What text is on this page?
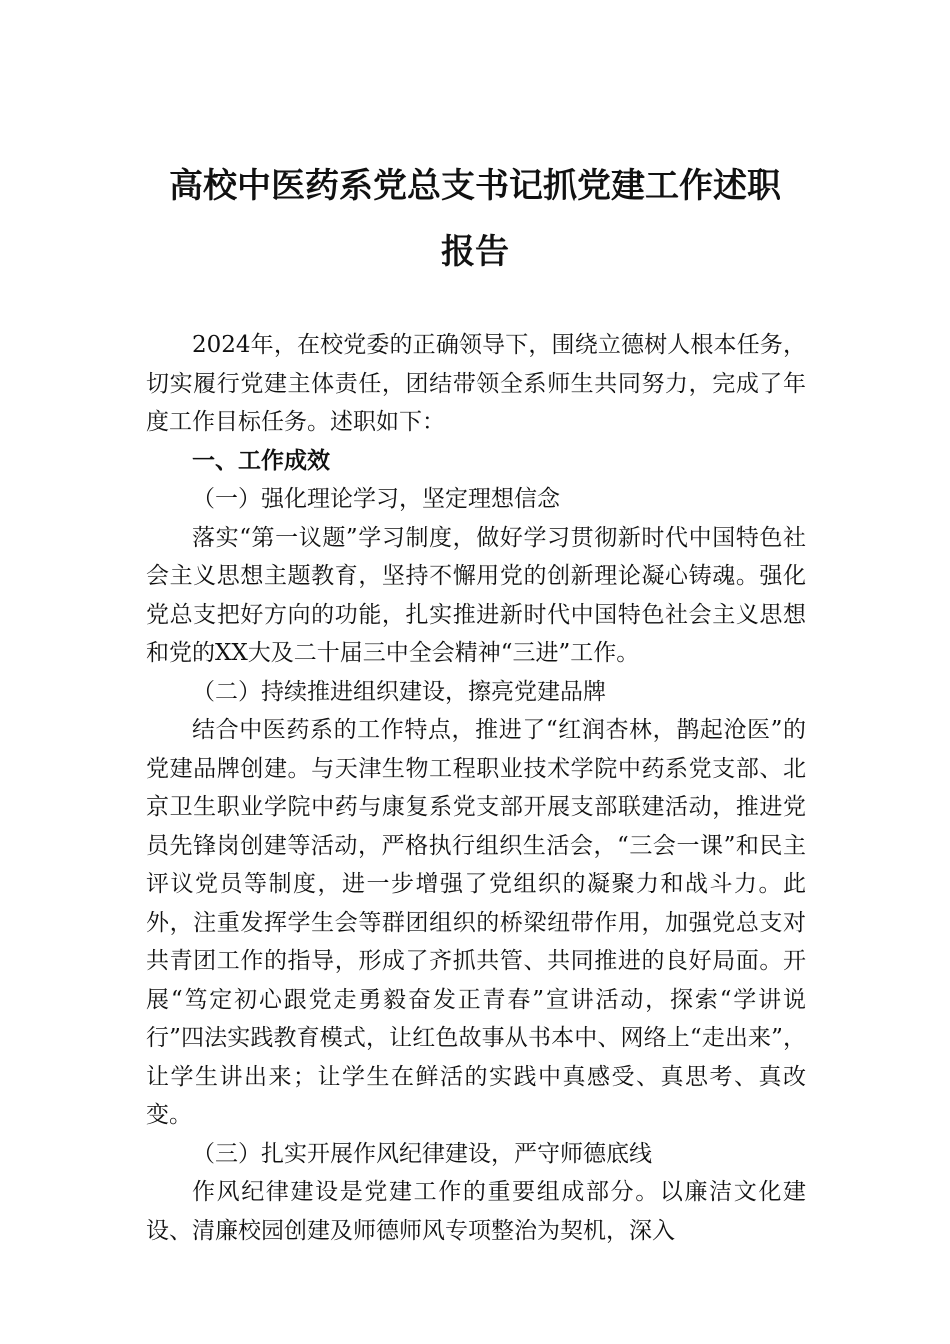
高校中医药系党总支书记抓党建工作述职
报告

2024年，在校党委的正确领导下，围绕立德树人根本任务，切实履行党建主体责任，团结带领全系师生共同努力，完成了年度工作目标任务。述职如下：

一、工作成效

（一）强化理论学习，坚定理想信念

落实“第一议题”学习制度，做好学习贯彻新时代中国特色社会主义思想主题教育，坚持不懈用党的创新理论凝心铸魂。强化党总支把好方向的功能，扎实推进新时代中国特色社会主义思想和党的XX大及二十届三中全会精神“三进”工作。

（二）持续推进组织建设，擦亮党建品牌

结合中医药系的工作特点，推进了“红润杏林，鹊起沧医”的党建品牌创建。与天津生物工程职业技术学院中药系党支部、北京卫生职业学院中药与康复系党支部开展支部联建活动，推进党员先锋岗创建等活动，严格执行组织生活会，“三会一课”和民主评议党员等制度，进一步增强了党组织的凝聚力和战斗力。此外，注重发挥学生会等群团组织的桥梁纽带作用，加强党总支对共青团工作的指导，形成了齐抓共管、共同推进的良好局面。开展“笃定初心跟党走勇毅奋发正青春”宣讲活动，探索“学讲说行”四法实践教育模式，让红色故事从书本中、网络上“走出来”，让学生讲出来；让学生在鲜活的实践中真感受、真思考、真改变。

（三）扎实开展作风纪律建设，严守师德底线

作风纪律建设是党建工作的重要组成部分。以廉洁文化建设、清廉校园创建及师德师风专项整治为契机，深入
